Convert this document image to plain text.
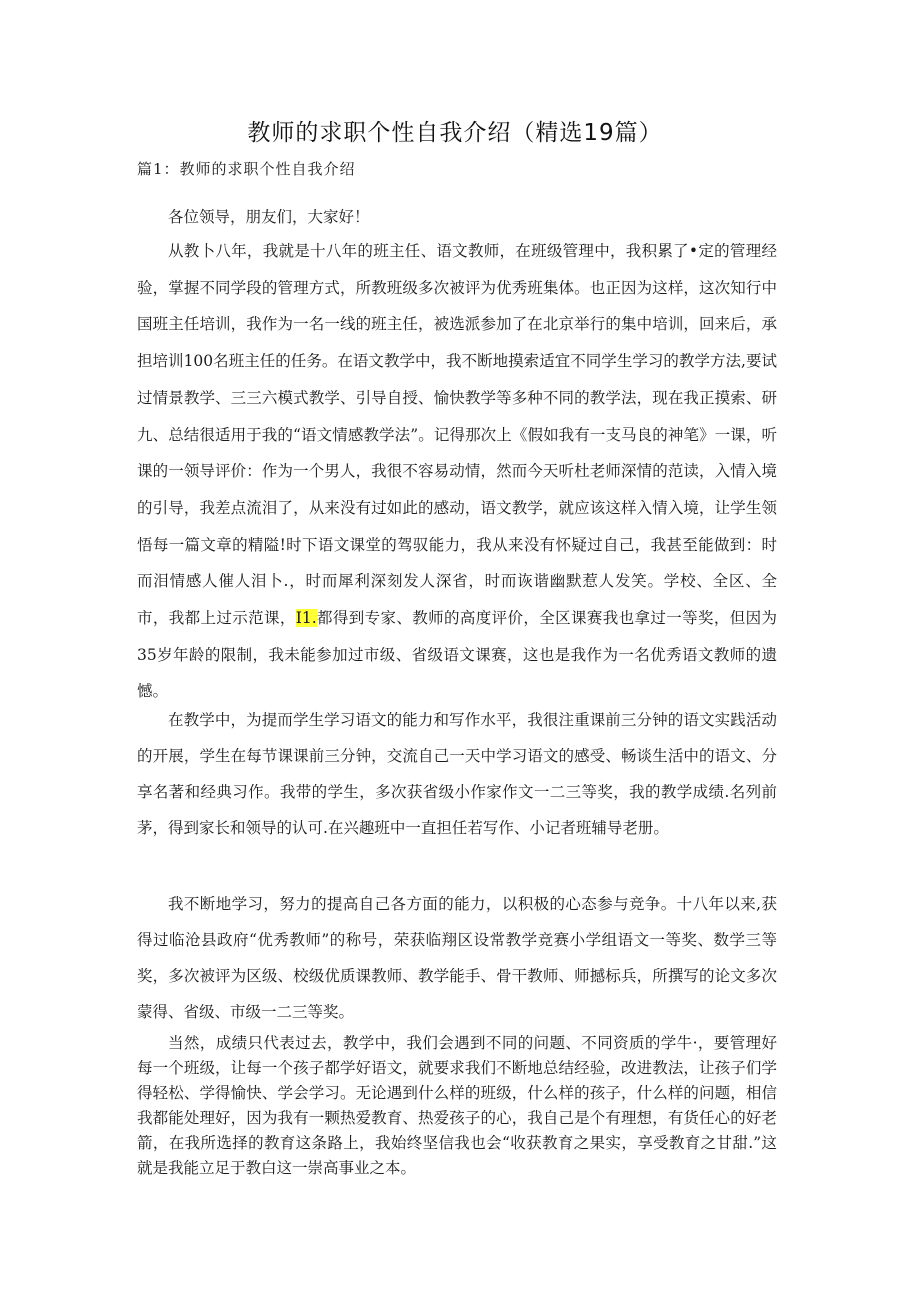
教师的求职个性自我介绍（精选19篇）
篇1：教师的求职个性自我介绍

各位领导，朋友们，大家好！

从教卜八年，我就是十八年的班主任、语文教师，在班级管理中，我积累了•定的管理经验，掌握不同学段的管理方式，所教班级多次被评为优秀班集体。也正因为这样，这次知行中国班主任培训，我作为一名一线的班主任，被选派参加了在北京举行的集中培训，回来后，承担培训100名班主任的任务。在语文教学中，我不断地摸索适宜不同学生学习的教学方法,要试过情景教学、三三六模式教学、引导自授、愉快教学等多种不同的教学法，现在我正摸索、研九、总结很适用于我的“语文情感教学法”。记得那次上《假如我有一支马良的神笔》一课，听课的一领导评价：作为一个男人，我很不容易动情，然而今天听杜老师深情的范读，入情入境的引导，我差点流泪了，从来没有过如此的感动，语文教学，就应该这样入情入境，让学生领悟每一篇文章的精隘!时下语文课堂的驾驭能力，我从来没有怀疑过自己，我甚至能做到：时而泪情感人催人泪卜.，时而犀利深刻发人深省，时而诙谐幽默惹人发笑。学校、全区、全市，我都上过示范课，I1.都得到专家、教师的高度评价，全区课赛我也拿过一等奖，但因为35岁年龄的限制，我未能参加过市级、省级语文课赛，这也是我作为一名优秀语文教师的遗憾。

在教学中，为提而学生学习语文的能力和写作水平，我很注重课前三分钟的语文实践活动的开展，学生在每节课课前三分钟，交流自己一天中学习语文的感受、畅谈生活中的语文、分享名著和经典习作。我带的学生，多次获省级小作家作文一二三等奖，我的教学成绩.名列前茅，得到家长和领导的认可.在兴趣班中一直担任若写作、小记者班辅导老册。

我不断地学习，努力的提高自己各方面的能力，以积极的心态参与竞争。十八年以来,获得过临沧县政府“优秀教师”的称号，荣获临翔区设常教学竞赛小学组语文一等奖、数学三等奖，多次被评为区级、校级优质课教师、教学能手、骨干教师、师撼标兵，所撰写的论文多次蒙得、省级、市级一二三等奖。

当然，成绩只代表过去，教学中，我们会遇到不同的问题、不同资质的学牛·，要管理好每一个班级，让每一个孩子都学好语文，就要求我们不断地总结经验，改进教法，让孩子们学得轻松、学得愉快、学会学习。无论遇到什么样的班级，什么样的孩子，什么样的问题，相信我都能处理好，因为我有一颗热爱教育、热爱孩子的心，我自己是个有理想，有货任心的好老箭，在我所选择的教育这条路上，我始终坚信我也会“收获教育之果实，享受教育之甘甜.”这就是我能立足于教白这一崇高事业之本。
